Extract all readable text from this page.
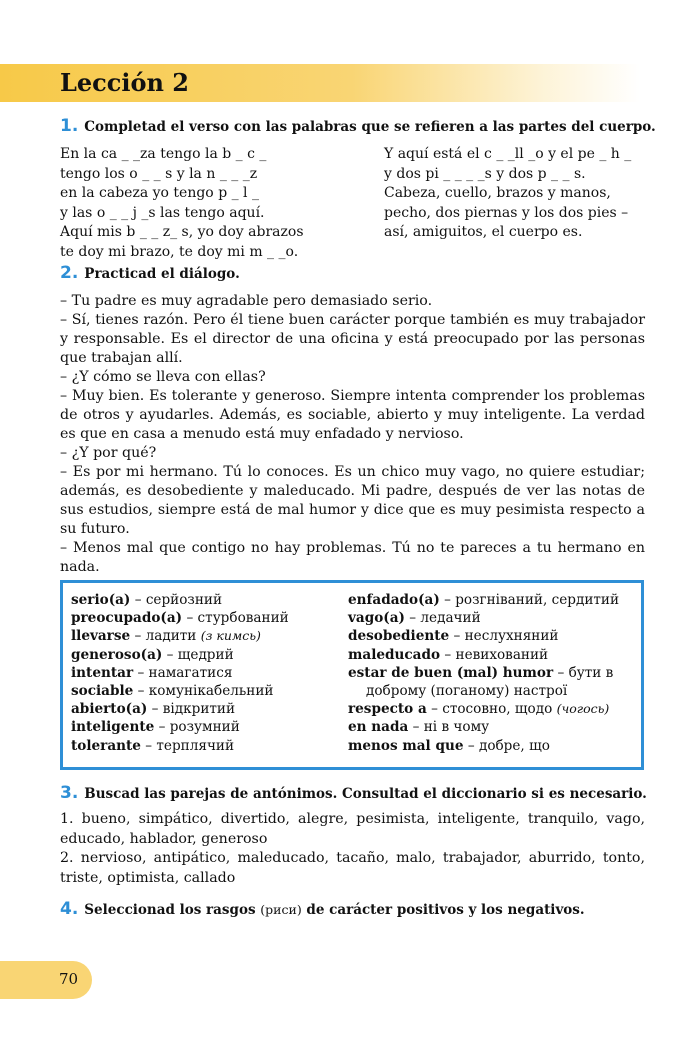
Lección 2
1. Completad el verso con las palabras que se refieren a las partes del cuerpo.
En la ca _ _za tengo la b _ c _
tengo los o _ _ s y la n _ _ _z
en la cabeza yo tengo p _ l _
y las o _ _ j _s las tengo aquí.
Aquí mis b _ _ z_ s, yo doy abrazos
te doy mi brazo, te doy mi m _ _o.
Y aquí está el c _ _ll _o y el pe _ h _
y dos pi _ _ _ _s y dos p _ _ s.
Cabeza, cuello, brazos y manos,
pecho, dos piernas y los dos pies –
así, amiguitos, el cuerpo es.
2. Practicad el diálogo.
– Tu padre es muy agradable pero demasiado serio.
– Sí, tienes razón. Pero él tiene buen carácter porque también es muy trabajador y responsable. Es el director de una oficina y está preocupado por las personas que trabajan allí.
– ¿Y cómo se lleva con ellas?
– Muy bien. Es tolerante y generoso. Siempre intenta comprender los problemas de otros y ayudarles. Además, es sociable, abierto y muy inteligente. La verdad es que en casa a menudo está muy enfadado y nervioso.
– ¿Y por qué?
– Es por mi hermano. Tú lo conoces. Es un chico muy vago, no quiere estudiar; además, es desobediente y maleducado. Mi padre, después de ver las notas de sus estudios, siempre está de mal humor y dice que es muy pesimista respecto a su futuro.
– Menos mal que contigo no hay problemas. Tú no te pareces a tu hermano en nada.
serio(a) – серйозний
preocupado(a) – стурбований
llevarse – ладити (з кимсь)
generoso(a) – щедрий
intentar – намагатися
sociable – комунікабельний
abierto(a) – відкритий
inteligente – розумний
tolerante – терплячий
enfadado(a) – розгніваний, сердитий
vago(a) – ледачий
desobediente – неслухняний
maleducado – невихований
estar de buen (mal) humor – бути в
доброму (поганому) настрої
respecto a – стосовно, щодо (чогось)
en nada – ні в чому
menos mal que – добре, що
3. Buscad las parejas de antónimos. Consultad el diccionario si es necesario.
1. bueno, simpático, divertido, alegre, pesimista, inteligente, tranquilo, vago, educado, hablador, generoso
2. nervioso, antipático, maleducado, tacaño, malo, trabajador, aburrido, tonto, triste, optimista, callado
4. Seleccionad los rasgos (риси) de carácter positivos y los negativos.
70
